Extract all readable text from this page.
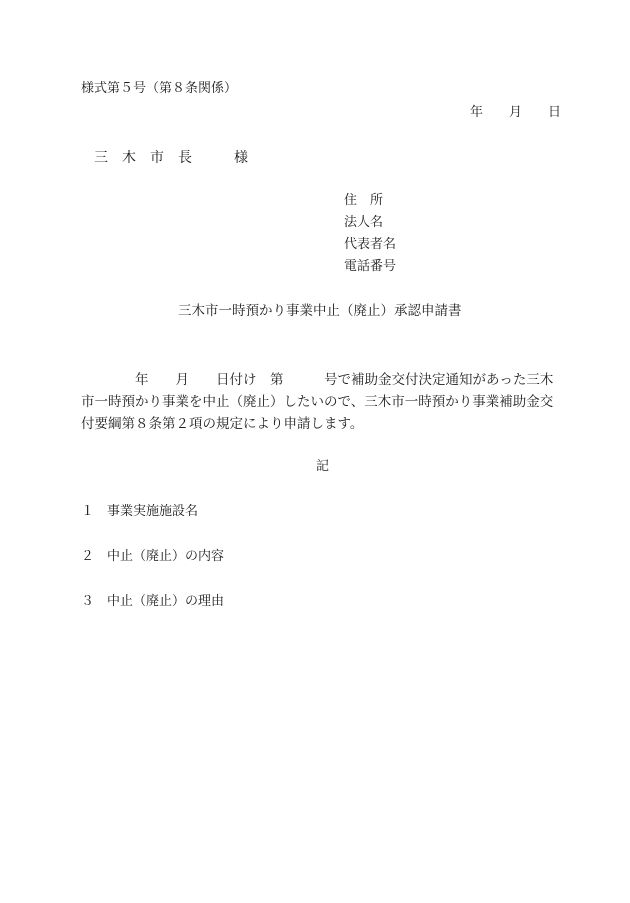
様式第５号（第８条関係）
年　　月　　日
三　木　市　長　　　様
住　所
法人名
代表者名
電話番号
三木市一時預かり事業中止（廃止）承認申請書
　　　　年　　月　　日付け　第　　　号で補助金交付決定通知があった三木
市一時預かり事業を中止（廃止）したいので、三木市一時預かり事業補助金交
付要綱第８条第２項の規定により申請します。
記
１ 事業実施施設名
２ 中止（廃止）の内容
３ 中止（廃止）の理由
